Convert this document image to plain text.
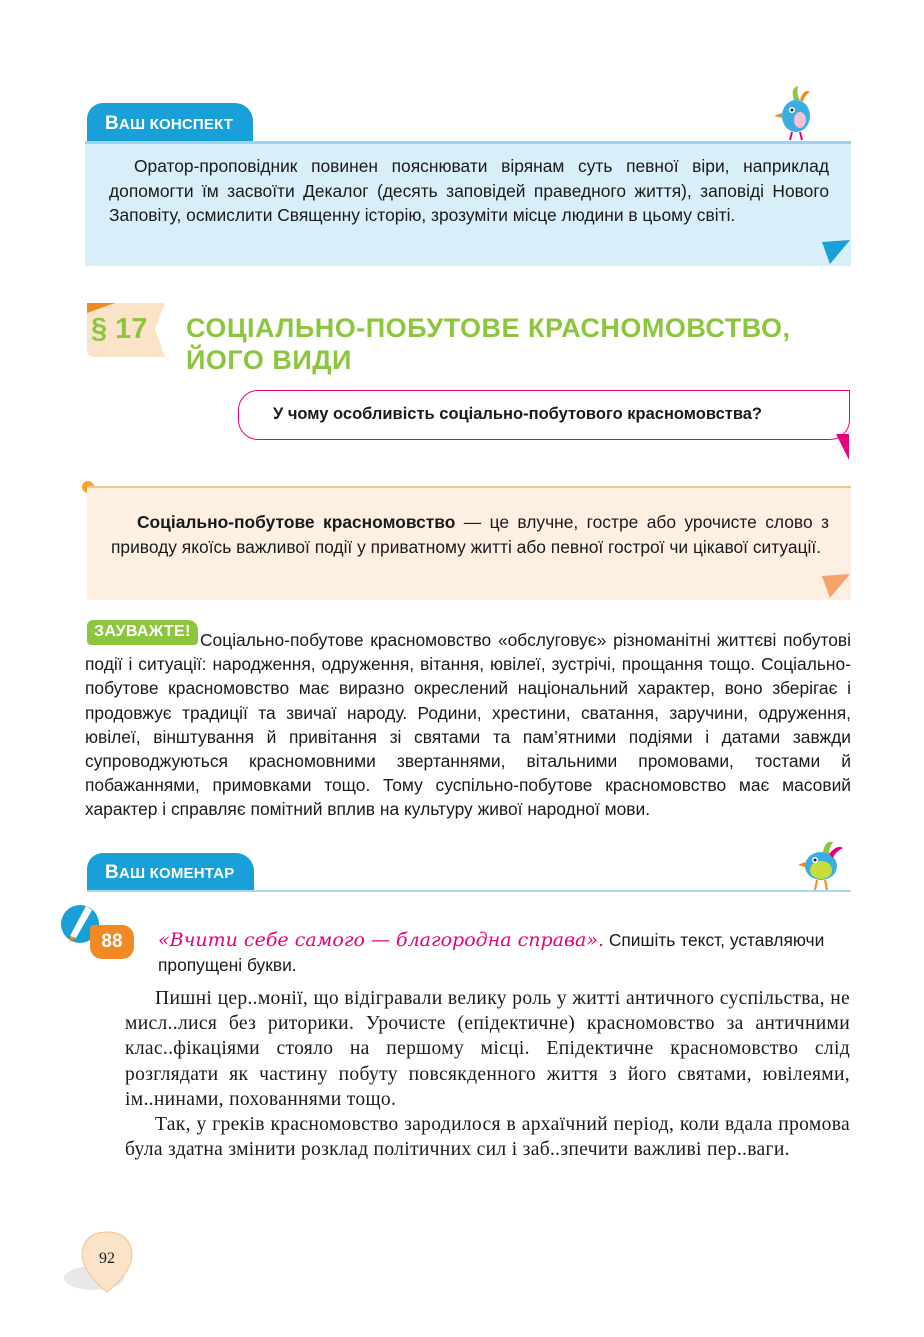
ВАШ КОНСПЕКТ

Оратор-проповідник повинен пояснювати вірянам суть певної віри, наприклад допомогти їм засвоїти Декалог (десять заповідей праведного життя), заповіді Нового Заповіту, осмислити Священну історію, зрозуміти місце людини в цьому світі.

§ 17 СОЦІАЛЬНО-ПОБУТОВЕ КРАСНОМОВСТВО,
ЙОГО ВИДИ
У чому особливість соціально-побутового красномовства?

Соціально-побутове красномовство — це влучне, гостре або урочисте слово з приводу якоїсь важливої події у приватному житті або певної гострої чи цікавої ситуації.

Соціально-побутове красномовство «обслуговує» різноманітні життєві побутові події і ситуації: народження, одруження, вітання, ювілеї, зустрічі, прощання тощо. Соціально-побутове красномовство має виразно окреслений національний характер, воно зберігає і продовжує традиції та звичаї народу. Родини, хрестини, сватання, заручини, одруження, ювілеї, вінштування й привітання зі святами та пам’ятними подіями і датами завжди супроводжуються красномовними звертаннями, вітальними промовами, тостами й побажаннями, примовками тощо. Тому суспільно-побутове красномовство має масовий характер і справляє помітний вплив на культуру живої народної мови.

ЗАУВАЖТЕ!
ВАШ КОМЕНТАР
88	«Вчити себе самого — благородна справа». Спишіть текст, уставляючи пропущені букви.

Пишні цер..монії, що відігравали велику роль у житті античного суспільства, не мисл..лися без риторики. Урочисте (епідектичне) красномовство за античними клас..фікаціями стояло на першому місці. Епідектичне красномовство слід розглядати як частину побуту повсякденного життя з його святами, ювілеями, ім..нинами, похованнями тощо.

Так, у греків красномовство зародилося в архаїчний період, коли вдала промова була здатна змінити розклад політичних сил і заб..зпечити важливі пер..ваги.

92
